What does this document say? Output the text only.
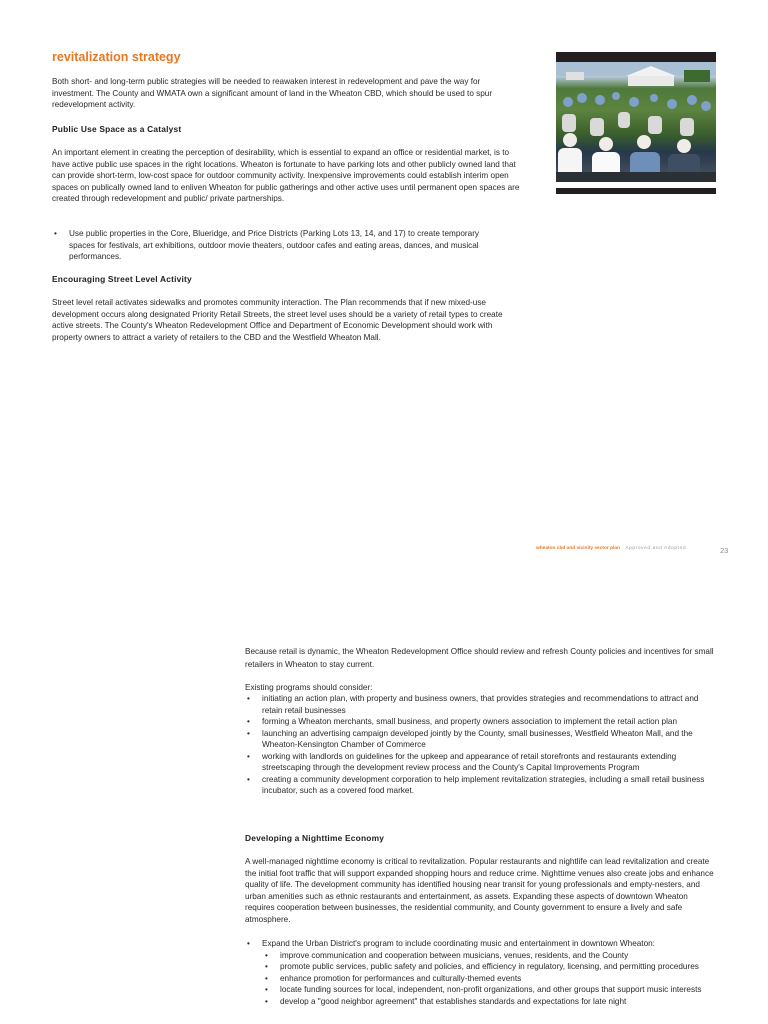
revitalization strategy

Both short- and long-term public strategies will be needed to reawaken interest in redevelopment and pave the way for investment. The County and WMATA own a significant amount of land in the Wheaton CBD, which should be used to spur redevelopment activity.

Public Use Space as a Catalyst

An important element in creating the perception of desirability, which is essential to expand an office or residential market, is to have active public use spaces in the right locations. Wheaton is fortunate to have parking lots and other publicly owned land that can provide short-term, low-cost space for outdoor community activity. Inexpensive improvements could establish interim open spaces on publically owned land to enliven Wheaton for public gatherings and other active uses until permanent open spaces are created through redevelopment and public/ private partnerships.

• Use public properties in the Core, Blueridge, and Price Districts (Parking Lots 13, 14, and 17) to create temporary spaces for festivals, art exhibitions, outdoor movie theaters, outdoor cafes and eating areas, dances, and musical performances.
Encouraging Street Level Activity

Street level retail activates sidewalks and promotes community interaction. The Plan recommends that if new mixed-use development occurs along designated Priority Retail Streets, the street level uses should be a variety of retail types to create active streets. The County's Wheaton Redevelopment Office and Department of Economic Development should work with property owners to attract a variety of retailers to the CBD and the Westfield Wheaton Mall.

wheaton cbd and vicinity sector plan Approved and Adopted	23

Because retail is dynamic, the Wheaton Redevelopment Office should review and refresh County policies and incentives for small retailers in Wheaton to stay current.

Existing programs should consider:

• initiating an action plan, with property and business owners, that provides strategies and recommendations to attract and retain retail businesses
• forming a Wheaton merchants, small business, and property owners association to implement the retail action plan
• launching an advertising campaign developed jointly by the County, small businesses, Westfield Wheaton Mall, and the Wheaton-Kensington Chamber of Commerce
• working with landlords on guidelines for the upkeep and appearance of retail storefronts and restaurants extending streetscaping through the development review process and the County's Capital Improvements Program
• creating a community development corporation to help implement revitalization strategies, including a small retail business incubator, such as a covered food market.
Developing a Nighttime Economy

A well-managed nighttime economy is critical to revitalization. Popular restaurants and nightlife can lead revitalization and create the initial foot traffic that will support expanded shopping hours and reduce crime. Nighttime venues also create jobs and enhance quality of life. The development community has identified housing near transit for young professionals and empty-nesters, and urban amenities such as ethnic restaurants and entertainment, as assets. Expanding these aspects of downtown Wheaton requires cooperation between businesses, the residential community, and County government to ensure a lively and safe atmosphere.

• Expand the Urban District's program to include coordinating music and entertainment in downtown Wheaton:
• improve communication and cooperation between musicians, venues, residents, and the County
• promote public services, public safety and policies, and efficiency in regulatory, licensing, and permitting procedures
• enhance promotion for performances and culturally-themed events
• locate funding sources for local, independent, non-profit organizations, and other groups that support music interests
• develop a "good neighbor agreement" that establishes standards and expectations for late night
